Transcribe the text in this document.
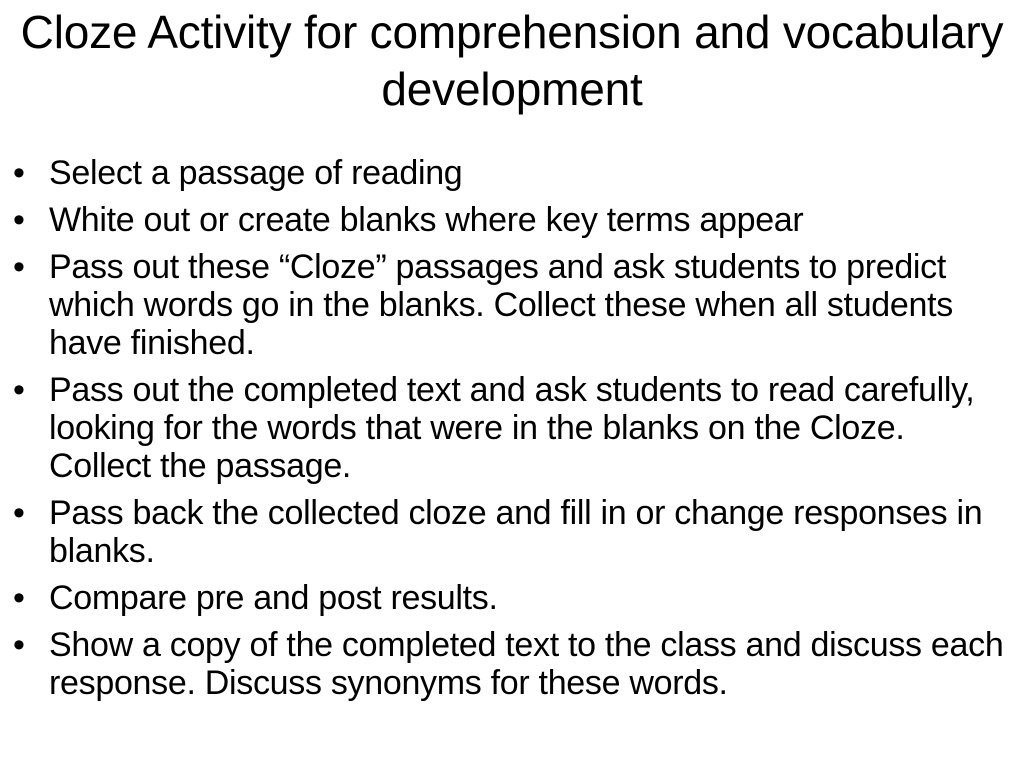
Cloze Activity for comprehension and vocabulary development
• Select a passage of reading
• White out or create blanks where key terms appear
• Pass out these “Cloze” passages and ask students to predict which words go in the blanks. Collect these when all students have finished.
• Pass out the completed text and ask students to read carefully, looking for the words that were in the blanks on the Cloze. Collect the passage.
• Pass back the collected cloze and fill in or change responses in blanks.
• Compare pre and post results.
• Show a copy of the completed text to the class and discuss each response. Discuss synonyms for these words.
